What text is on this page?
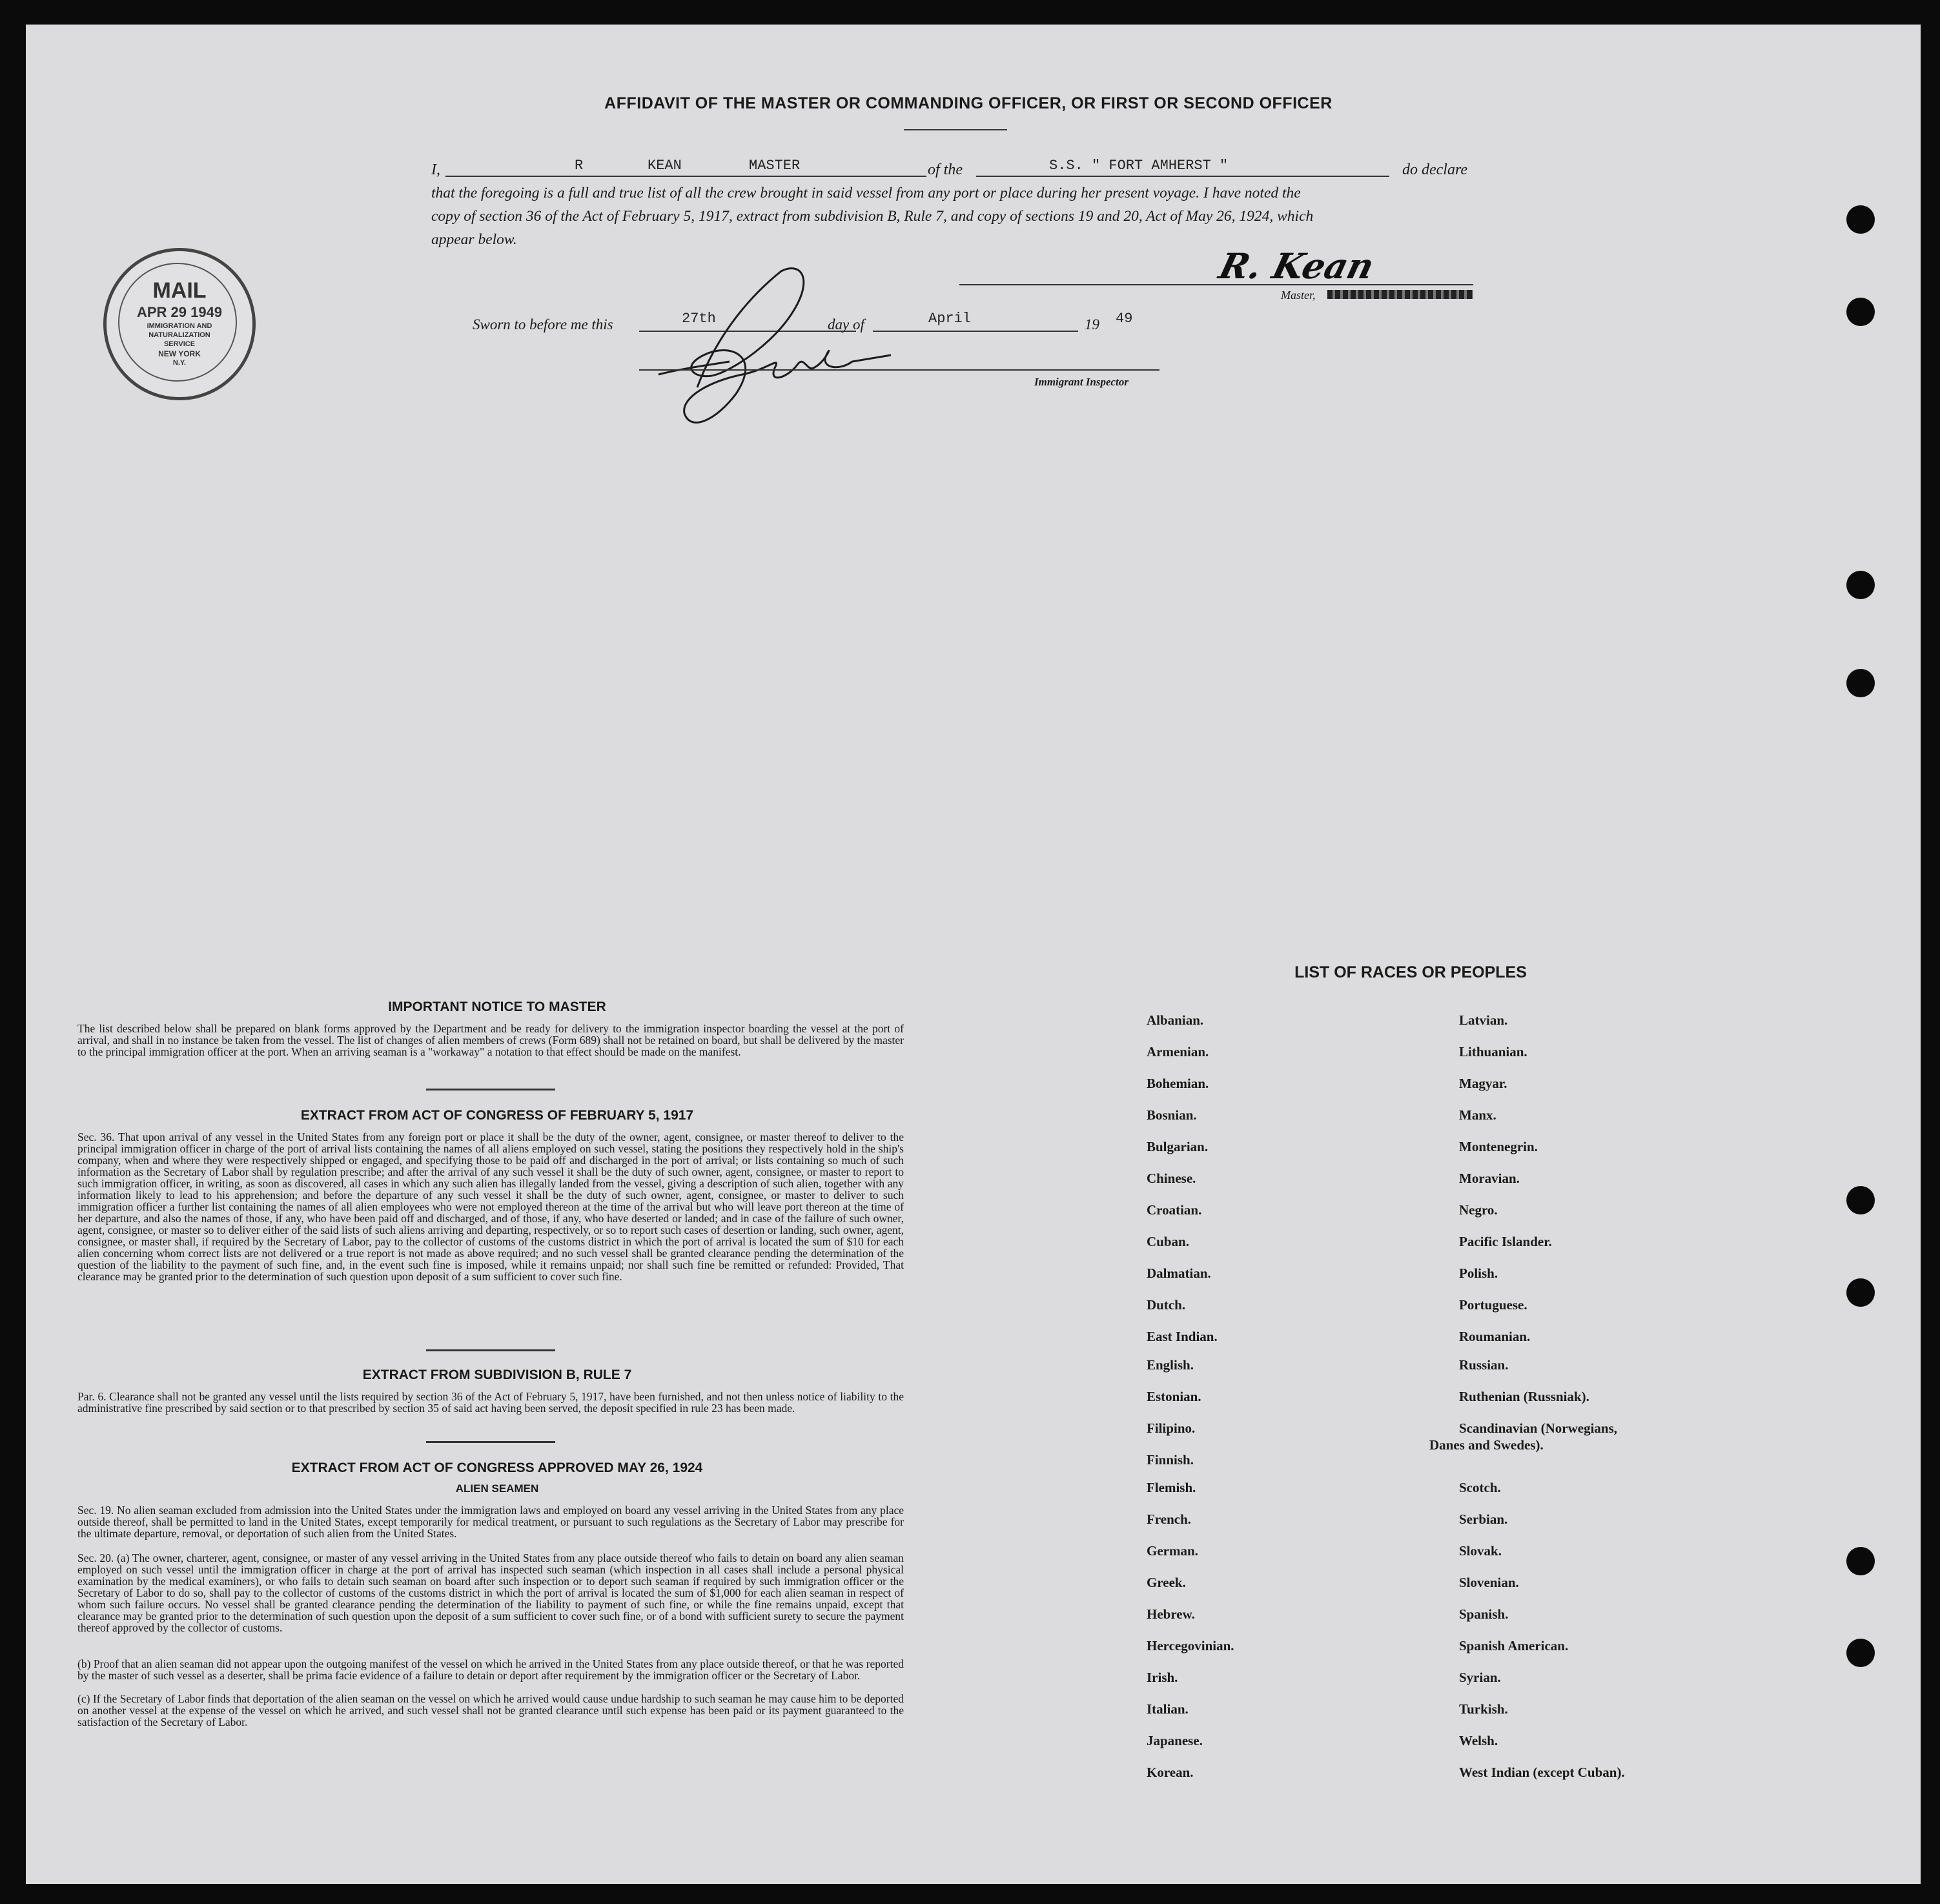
AFFIDAVIT OF THE MASTER OR COMMANDING OFFICER, OR FIRST OR SECOND OFFICER
I,	R	KEAN	MASTER	of the	S.S. " FORT AMHERST "	do declare
that the foregoing is a full and true list of all the crew brought in said vessel from any port or place during her present voyage. I have noted the
copy of section 36 of the Act of February 5, 1917, extract from subdivision B, Rule 7, and copy of sections 19 and 20, Act of May 26, 1924, which
appear below.
R. Kean
Master,
Sworn to before me this	27th	day of	April	19 49
Immigrant Inspector
MAIL
APR 29 1949
IMMIGRATION AND
NATURALIZATION
SERVICE
NEW YORK
N.Y.
IMPORTANT NOTICE TO MASTER
The list described below shall be prepared on blank forms approved by the Department and be ready for delivery to the immigration inspector boarding the vessel at the port of arrival, and shall in no instance be taken from the vessel. The list of changes of alien members of crews (Form 689) shall not be retained on board, but shall be delivered by the master to the principal immigration officer at the port. When an arriving seaman is a "workaway" a notation to that effect should be made on the manifest.
EXTRACT FROM ACT OF CONGRESS OF FEBRUARY 5, 1917
Sec. 36. That upon arrival of any vessel in the United States from any foreign port or place it shall be the duty of the owner, agent, consignee, or master thereof to deliver to the principal immigration officer in charge of the port of arrival lists containing the names of all aliens employed on such vessel, stating the positions they respectively hold in the ship's company, when and where they were respectively shipped or engaged, and specifying those to be paid off and discharged in the port of arrival; or lists containing so much of such information as the Secretary of Labor shall by regulation prescribe; and after the arrival of any such vessel it shall be the duty of such owner, agent, consignee, or master to report to such immigration officer, in writing, as soon as discovered, all cases in which any such alien has illegally landed from the vessel, giving a description of such alien, together with any information likely to lead to his apprehension; and before the departure of any such vessel it shall be the duty of such owner, agent, consignee, or master to deliver to such immigration officer a further list containing the names of all alien employees who were not employed thereon at the time of the arrival but who will leave port thereon at the time of her departure, and also the names of those, if any, who have been paid off and discharged, and of those, if any, who have deserted or landed; and in case of the failure of such owner, agent, consignee, or master so to deliver either of the said lists of such aliens arriving and departing, respectively, or so to report such cases of desertion or landing, such owner, agent, consignee, or master shall, if required by the Secretary of Labor, pay to the collector of customs of the customs district in which the port of arrival is located the sum of $10 for each alien concerning whom correct lists are not delivered or a true report is not made as above required; and no such vessel shall be granted clearance pending the determination of the question of the liability to the payment of such fine, and, in the event such fine is imposed, while it remains unpaid; nor shall such fine be remitted or refunded: Provided, That clearance may be granted prior to the determination of such question upon deposit of a sum sufficient to cover such fine.
EXTRACT FROM SUBDIVISION B, RULE 7
Par. 6. Clearance shall not be granted any vessel until the lists required by section 36 of the Act of February 5, 1917, have been furnished, and not then unless notice of liability to the administrative fine prescribed by said section or to that prescribed by section 35 of said act having been served, the deposit specified in rule 23 has been made.
EXTRACT FROM ACT OF CONGRESS APPROVED MAY 26, 1924
ALIEN SEAMEN
Sec. 19. No alien seaman excluded from admission into the United States under the immigration laws and employed on board any vessel arriving in the United States from any place outside thereof, shall be permitted to land in the United States, except temporarily for medical treatment, or pursuant to such regulations as the Secretary of Labor may prescribe for the ultimate departure, removal, or deportation of such alien from the United States.
Sec. 20. (a) The owner, charterer, agent, consignee, or master of any vessel arriving in the United States from any place outside thereof who fails to detain on board any alien seaman employed on such vessel until the immigration officer in charge at the port of arrival has inspected such seaman (which inspection in all cases shall include a personal physical examination by the medical examiners), or who fails to detain such seaman on board after such inspection or to deport such seaman if required by such immigration officer or the Secretary of Labor to do so, shall pay to the collector of customs of the customs district in which the port of arrival is located the sum of $1,000 for each alien seaman in respect of whom such failure occurs. No vessel shall be granted clearance pending the determination of the liability to payment of such fine, or while the fine remains unpaid, except that clearance may be granted prior to the determination of such question upon the deposit of a sum sufficient to cover such fine, or of a bond with sufficient surety to secure the payment thereof approved by the collector of customs.
(b) Proof that an alien seaman did not appear upon the outgoing manifest of the vessel on which he arrived in the United States from any place outside thereof, or that he was reported by the master of such vessel as a deserter, shall be prima facie evidence of a failure to detain or deport after requirement by the immigration officer or the Secretary of Labor.
(c) If the Secretary of Labor finds that deportation of the alien seaman on the vessel on which he arrived would cause undue hardship to such seaman he may cause him to be deported on another vessel at the expense of the vessel on which he arrived, and such vessel shall not be granted clearance until such expense has been paid or its payment guaranteed to the satisfaction of the Secretary of Labor.
LIST OF RACES OR PEOPLES
Albanian.
Armenian.
Bohemian.
Bosnian.
Bulgarian.
Chinese.
Croatian.
Cuban.
Dalmatian.
Dutch.
East Indian.
English.
Estonian.
Filipino.
Finnish.
Flemish.
French.
German.
Greek.
Hebrew.
Hercegovinian.
Irish.
Italian.
Japanese.
Korean.
Latvian.
Lithuanian.
Magyar.
Manx.
Montenegrin.
Moravian.
Negro.
Pacific Islander.
Polish.
Portuguese.
Roumanian.
Russian.
Ruthenian (Russniak).
Scandinavian (Norwegians,
Danes and Swedes).
Scotch.
Serbian.
Slovak.
Slovenian.
Spanish.
Spanish American.
Syrian.
Turkish.
Welsh.
West Indian (except Cuban).
